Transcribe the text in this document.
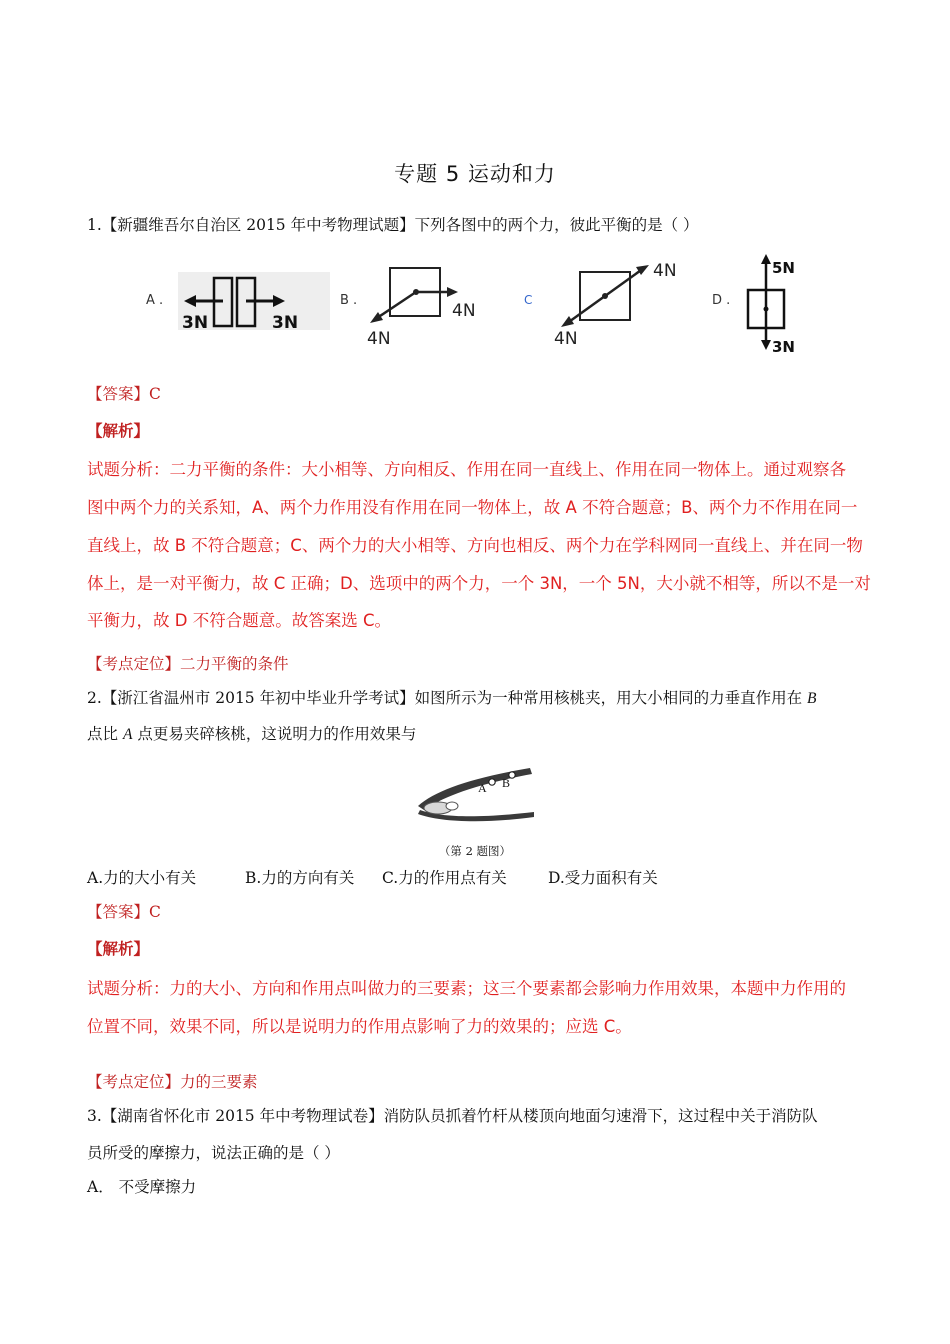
专题 5 运动和力
1.【新疆维吾尔自治区 2015 年中考物理试题】下列各图中的两个力，彼此平衡的是（ ）
A .
3N	3N
B .
4N
4N
C
4N
4N
D .
5N
3N
【答案】C
【解析】
试题分析：二力平衡的条件：大小相等、方向相反、作用在同一直线上、作用在同一物体上。通过观察各
图中两个力的关系知，A、两个力作用没有作用在同一物体上，故 A 不符合题意；B、两个力不作用在同一
直线上，故 B 不符合题意；C、两个力的大小相等、方向也相反、两个力在学科网同一直线上、并在同一物
体上，是一对平衡力，故 C 正确；D、选项中的两个力，一个 3N，一个 5N，大小就不相等，所以不是一对
平衡力，故 D 不符合题意。故答案选 C。
【考点定位】二力平衡的条件
2.【浙江省温州市 2015 年初中毕业升学考试】如图所示为一种常用核桃夹，用大小相同的力垂直作用在 B
点比 A 点更易夹碎核桃，这说明力的作用效果与
A B
（第 2 题图）
A.力的大小有关	B.力的方向有关 C.力的作用点有关	D.受力面积有关
【答案】C
【解析】
试题分析：力的大小、方向和作用点叫做力的三要素；这三个要素都会影响力作用效果，本题中力作用的
位置不同，效果不同，所以是说明力的作用点影响了力的效果的；应选 C。
【考点定位】力的三要素
3.【湖南省怀化市 2015 年中考物理试卷】消防队员抓着竹杆从楼顶向地面匀速滑下，这过程中关于消防队
员所受的摩擦力，说法正确的是（ ）
A． 不受摩擦力
